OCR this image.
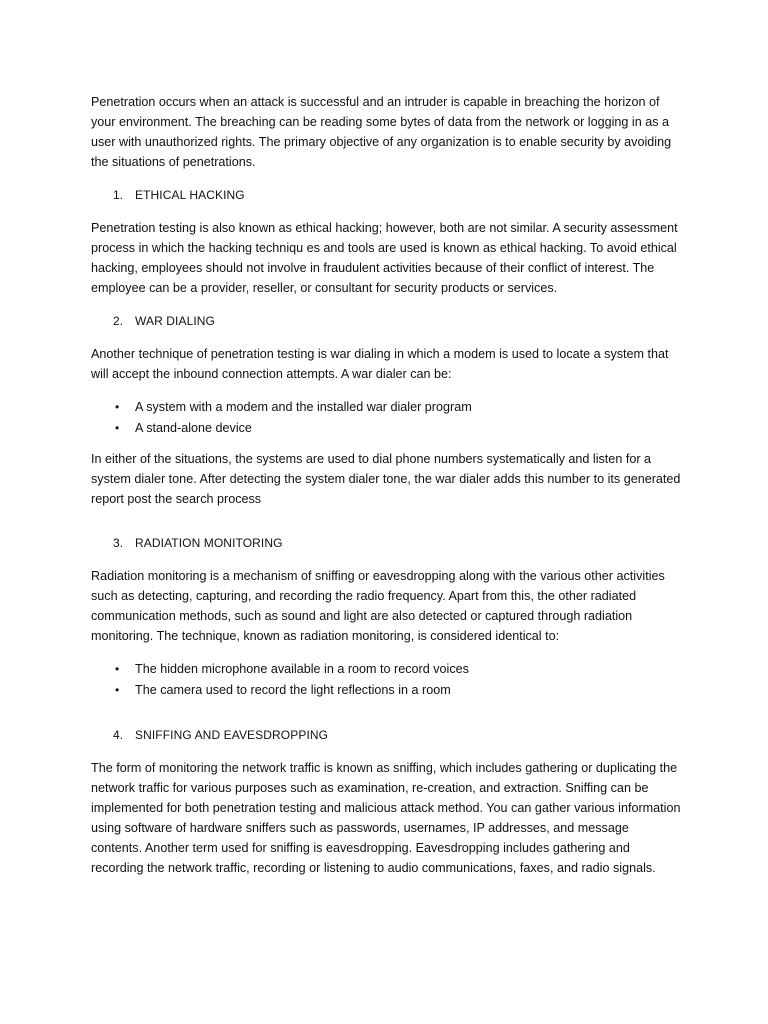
Penetration occurs when an attack is successful and an intruder is capable in breaching the horizon of your environment. The breaching can be reading some bytes of data from the network or logging in as a user with unauthorized rights. The primary objective of any organization is to enable security by avoiding the situations of penetrations.

1. ETHICAL HACKING

Penetration testing is also known as ethical hacking; however, both are not similar. A security assessment process in which the hacking techniqu es and tools are used is known as ethical hacking. To avoid ethical hacking, employees should not involve in fraudulent activities because of their conflict of interest. The employee can be a provider, reseller, or consultant for security products or services.

2. WAR DIALING

Another technique of penetration testing is war dialing in which a modem is used to locate a system that will accept the inbound connection attempts. A war dialer can be:

• A system with a modem and the installed war dialer program
• A stand-alone device

In either of the situations, the systems are used to dial phone numbers systematically and listen for a system dialer tone. After detecting the system dialer tone, the war dialer adds this number to its generated report post the search process

3. RADIATION MONITORING

Radiation monitoring is a mechanism of sniffing or eavesdropping along with the various other activities such as detecting, capturing, and recording the radio frequency. Apart from this, the other radiated communication methods, such as sound and light are also detected or captured through radiation monitoring. The technique, known as radiation monitoring, is considered identical to:

• The hidden microphone available in a room to record voices
• The camera used to record the light reflections in a room

4. SNIFFING AND EAVESDROPPING

The form of monitoring the network traffic is known as sniffing, which includes gathering or duplicating the network traffic for various purposes such as examination, re-creation, and extraction. Sniffing can be implemented for both penetration testing and malicious attack method. You can gather various information using software of hardware sniffers such as passwords, usernames, IP addresses, and message contents. Another term used for sniffing is eavesdropping. Eavesdropping includes gathering and recording the network traffic, recording or listening to audio communications, faxes, and radio signals.
